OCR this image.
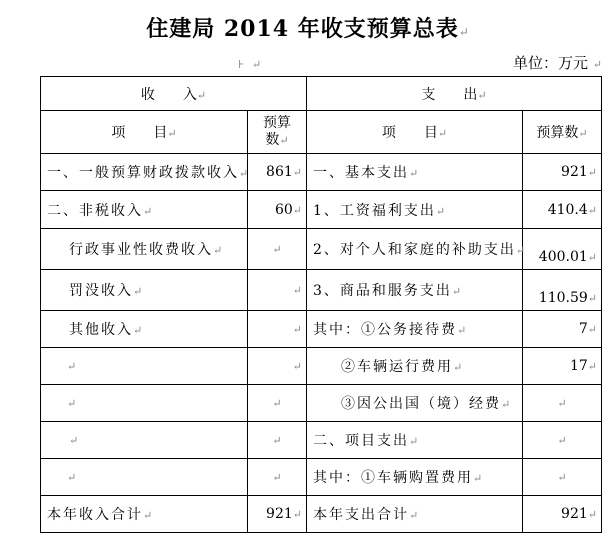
住建局 2014 年收支预算总表↵
⊦ ↵	单位：万元 ↵
收　　入↵		支　　出↵	
项　　目↵	预算数↵	项　　目↵	预算数↵
一、一般预算财政拨款收入↵	861↵	一、基本支出↵	921↵
二、非税收入↵	60↵	1、工资福利支出↵	410.4↵
行政事业性收费收入↵	↵	2、对个人和家庭的补助支出↵	400.01↵
罚没收入↵	↵	3、商品和服务支出↵	110.59↵
其他收入↵	↵	其中：①公务接待费↵	7↵
↵	↵	②车辆运行费用↵	17↵
↵	↵	③因公出国（境）经费↵	↵
↵	↵	二、项目支出↵	↵
↵	↵	其中：①车辆购置费用↵	↵
本年收入合计↵	921↵	本年支出合计↵	921↵
